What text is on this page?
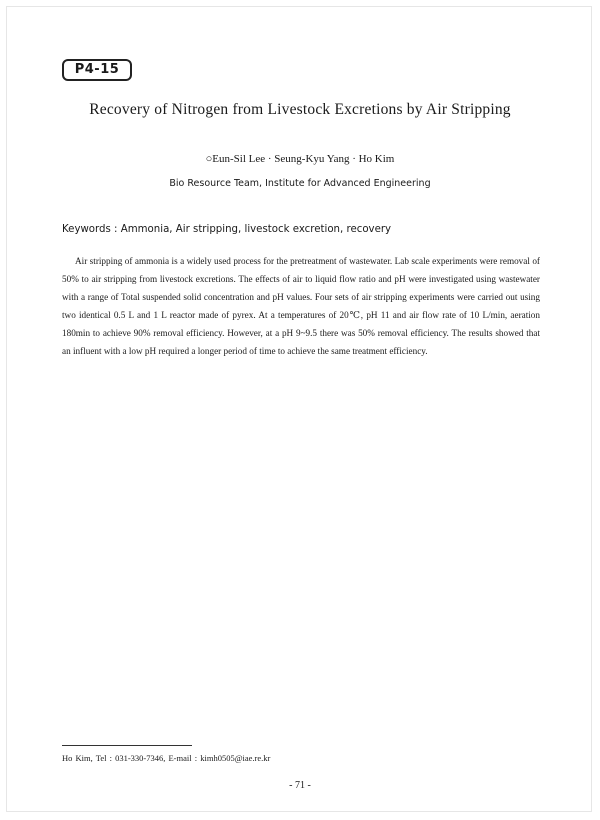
P4-15
Recovery of Nitrogen from Livestock Excretions by Air Stripping
○Eun-Sil Lee · Seung-Kyu Yang · Ho Kim
Bio Resource Team, Institute for Advanced Engineering
Keywords : Ammonia, Air stripping, livestock excretion, recovery

Air stripping of ammonia is a widely used process for the pretreatment of wastewater. Lab scale experiments were removal of 50% to air stripping from livestock excretions. The effects of air to liquid flow ratio and pH were investigated using wastewater with a range of Total suspended solid concentration and pH values. Four sets of air stripping experiments were carried out using two identical 0.5 L and 1 L reactor made of pyrex. At a temperatures of 20℃, pH 11 and air flow rate of 10 L/min, aeration 180min to achieve 90% removal efficiency. However, at a pH 9~9.5 there was 50% removal efficiency. The results showed that an influent with a low pH required a longer period of time to achieve the same treatment efficiency.

Ho Kim, Tel : 031-330-7346, E-mail : kimh0505@iae.re.kr
- 71 -
